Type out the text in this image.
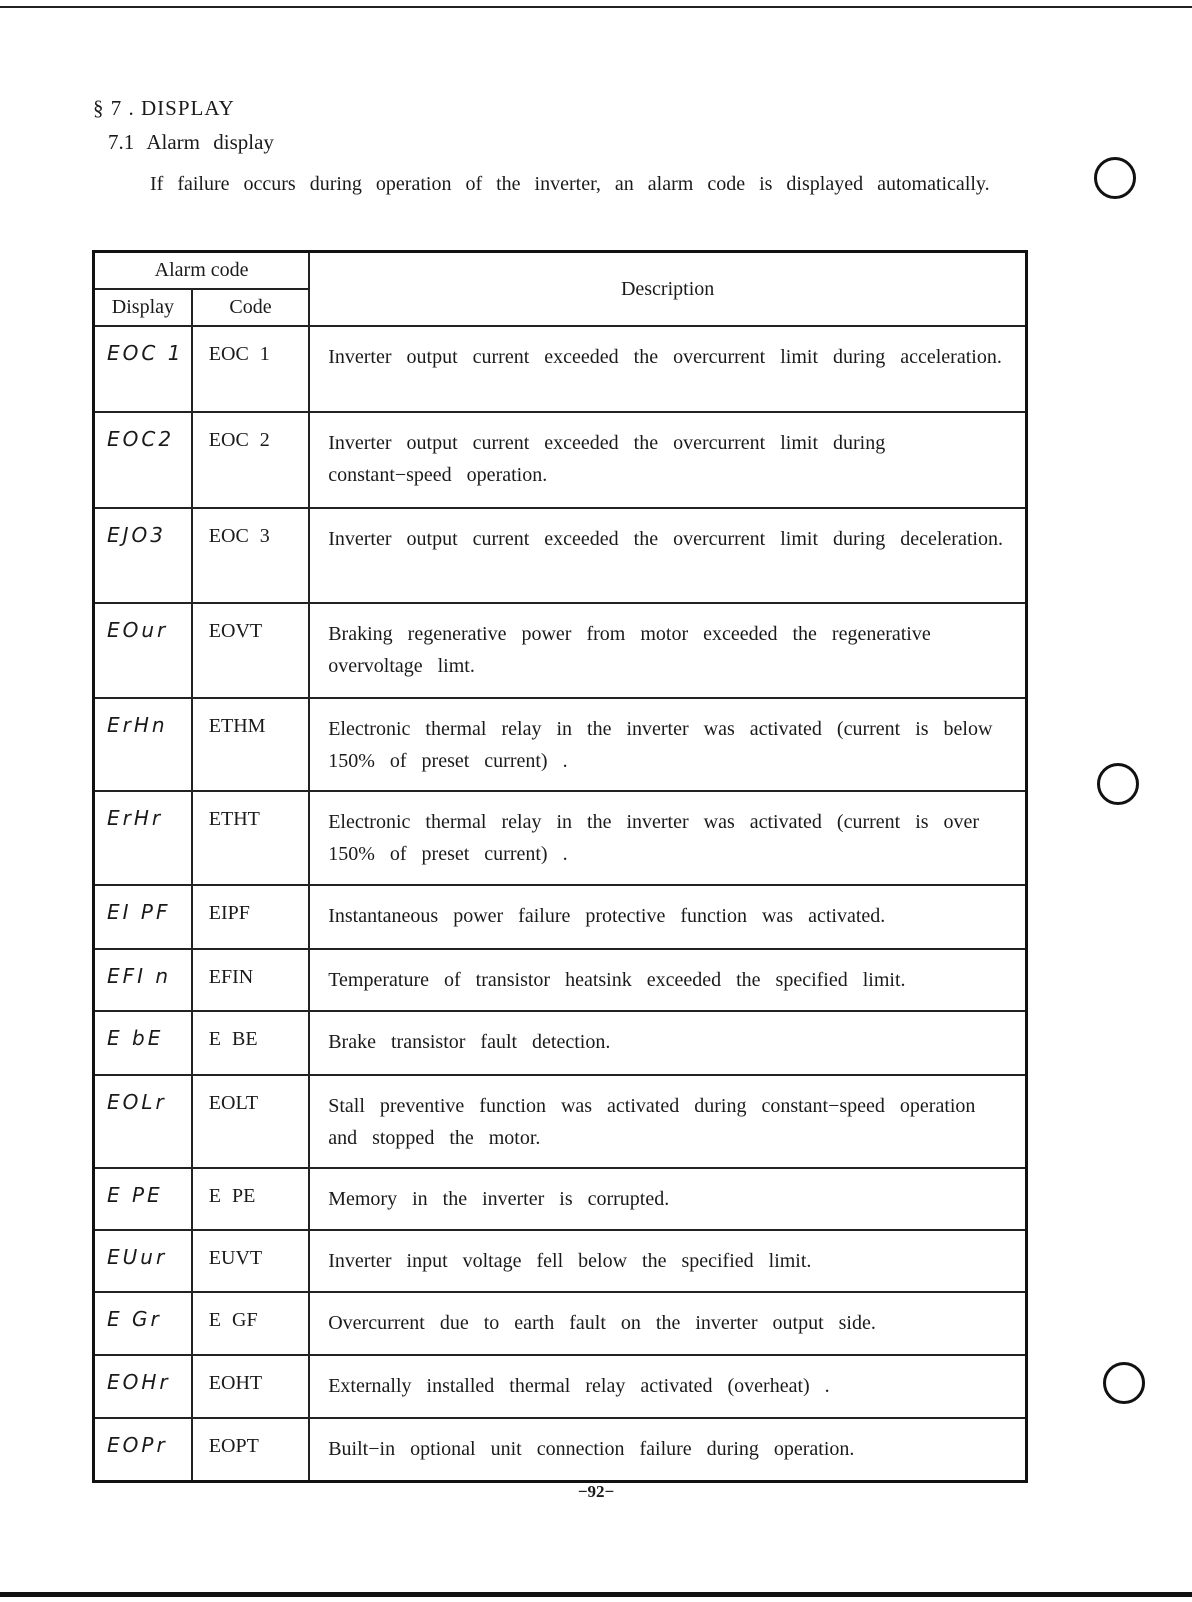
§ 7 . DISPLAY
7.1 Alarm display
If failure occurs during operation of the inverter, an alarm code is displayed automatically.
Alarm code		Description
Display	Code	
EOC 1	EOC 1	Inverter output current exceeded the overcurrent limit during acceleration.
EOC2	EOC 2	Inverter output current exceeded the overcurrent limit during constant−speed operation.
EJO3	EOC 3	Inverter output current exceeded the overcurrent limit during deceleration.
EOur	EOVT	Braking regenerative power from motor exceeded the regenerative overvoltage limt.
ErHn	ETHM	Electronic thermal relay in the inverter was activated (current is below 150% of preset current) .
ErHr	ETHT	Electronic thermal relay in the inverter was activated (current is over 150% of preset current) .
EI PF	EIPF	Instantaneous power failure protective function was activated.
EFI n	EFIN	Temperature of transistor heatsink exceeded the specified limit.
E bE	E BE	Brake transistor fault detection.
EOLr	EOLT	Stall preventive function was activated during constant−speed operation and stopped the motor.
E PE	E PE	Memory in the inverter is corrupted.
EUur	EUVT	Inverter input voltage fell below the specified limit.
E Gr	E GF	Overcurrent due to earth fault on the inverter output side.
EOHr	EOHT	Externally installed thermal relay activated (overheat) .
EOPr	EOPT	Built−in optional unit connection failure during operation.
−92−
